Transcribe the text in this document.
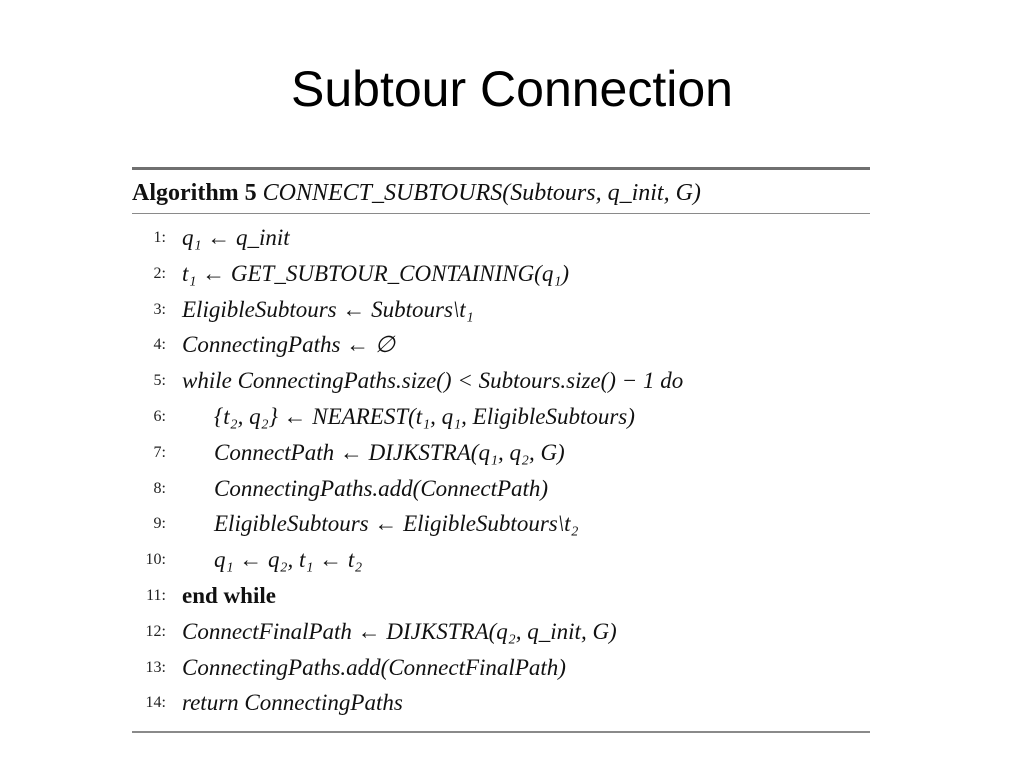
Subtour Connection
Algorithm 5 CONNECT_SUBTOURS(Subtours, q_init, G)
1: q₁ ← q_init
2: t₁ ← GET_SUBTOUR_CONTAINING(q₁)
3: EligibleSubtours ← Subtours\t₁
4: ConnectingPaths ← ∅
5: while ConnectingPaths.size() < Subtours.size() − 1 do
6: {t₂, q₂} ← NEAREST(t₁, q₁, EligibleSubtours)
7: ConnectPath ← DIJKSTRA(q₁, q₂, G)
8: ConnectingPaths.add(ConnectPath)
9: EligibleSubtours ← EligibleSubtours\t₂
10: q₁ ← q₂, t₁ ← t₂
11: end while
12: ConnectFinalPath ← DIJKSTRA(q₂, q_init, G)
13: ConnectingPaths.add(ConnectFinalPath)
14: return ConnectingPaths
